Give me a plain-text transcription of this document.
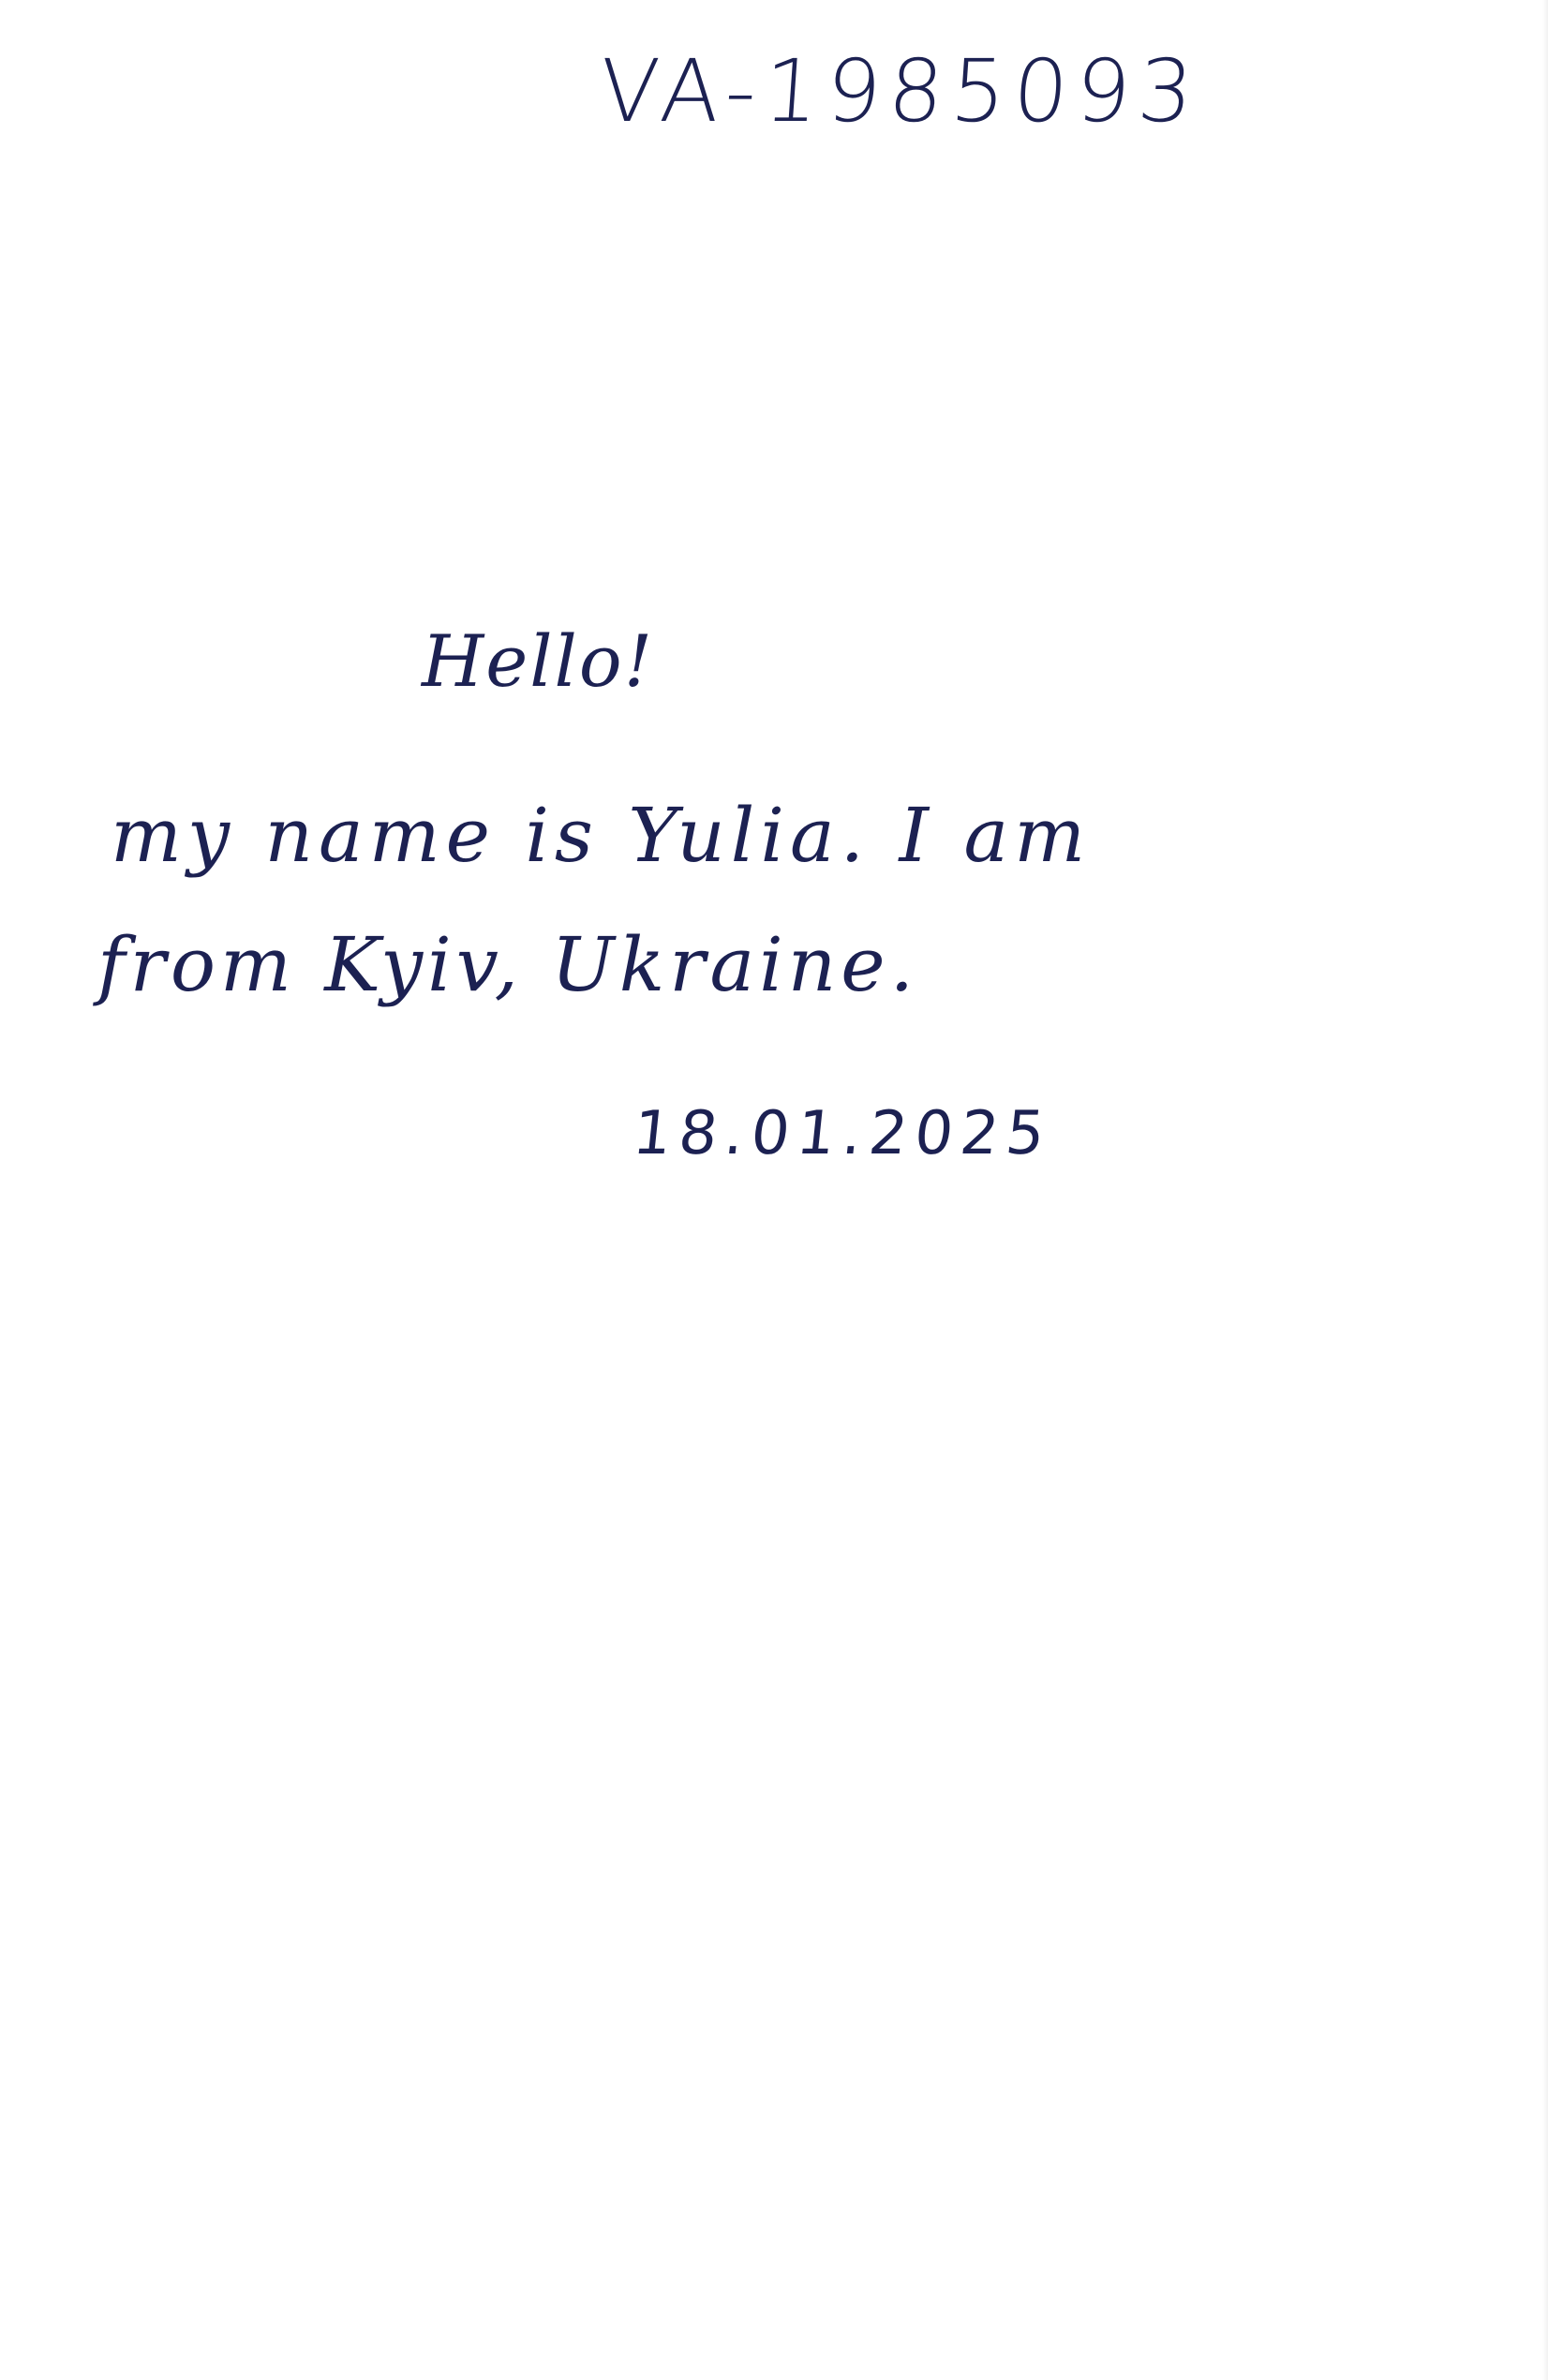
VA-1985093
Hello!
my name is Yulia. I am
from Kyiv, Ukraine.
18.01.2025
